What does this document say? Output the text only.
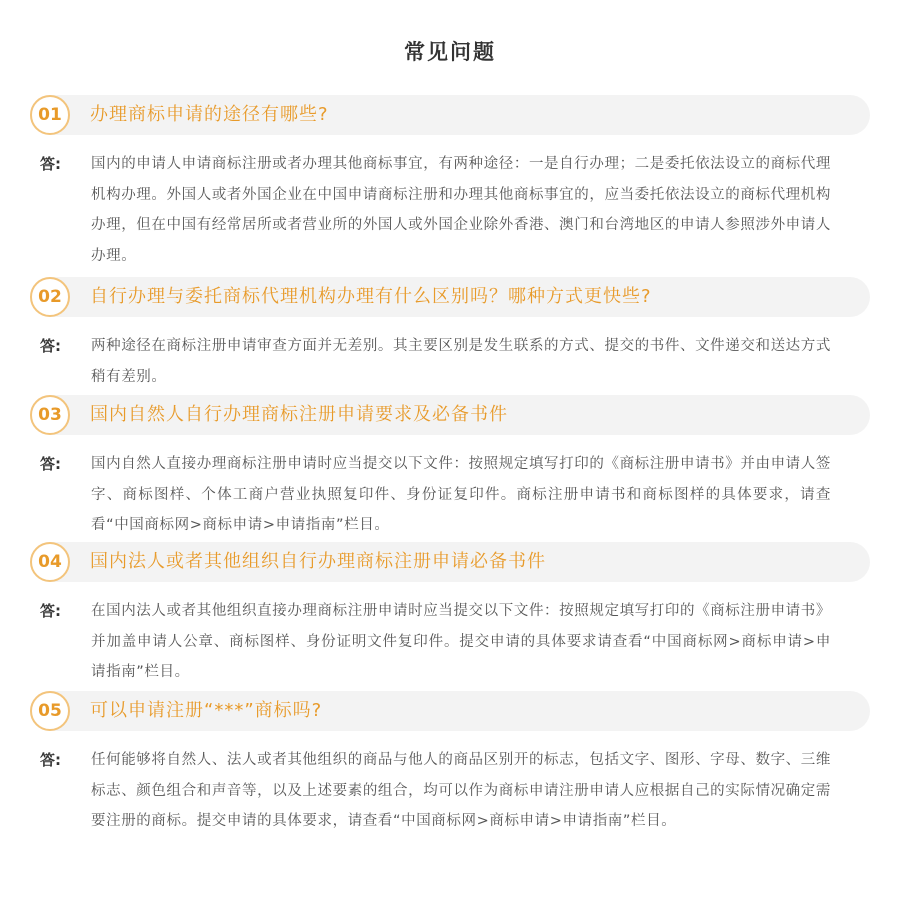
常见问题
01	办理商标申请的途径有哪些?
答: 国内的申请人申请商标注册或者办理其他商标事宜，有两种途径：一是自行办理；二是委托依法设立的商标代理机构办理。外国人或者外国企业在中国申请商标注册和办理其他商标事宜的，应当委托依法设立的商标代理机构办理，但在中国有经常居所或者营业所的外国人或外国企业除外香港、澳门和台湾地区的申请人参照涉外申请人办理。
02	自行办理与委托商标代理机构办理有什么区别吗？哪种方式更快些?
答: 两种途径在商标注册申请审查方面并无差别。其主要区别是发生联系的方式、提交的书件、文件递交和送达方式稍有差别。
03	国内自然人自行办理商标注册申请要求及必备书件
答: 国内自然人直接办理商标注册申请时应当提交以下文件：按照规定填写打印的《商标注册申请书》并由申请人签字、商标图样、个体工商户营业执照复印件、身份证复印件。商标注册申请书和商标图样的具体要求，请查看“中国商标网>商标申请>申请指南”栏目。
04	国内法人或者其他组织自行办理商标注册申请必备书件
答: 在国内法人或者其他组织直接办理商标注册申请时应当提交以下文件：按照规定填写打印的《商标注册申请书》并加盖申请人公章、商标图样、身份证明文件复印件。提交申请的具体要求请查看“中国商标网>商标申请>申请指南”栏目。
05	可以申请注册“***”商标吗?
答: 任何能够将自然人、法人或者其他组织的商品与他人的商品区别开的标志，包括文字、图形、字母、数字、三维标志、颜色组合和声音等，以及上述要素的组合，均可以作为商标申请注册申请人应根据自己的实际情况确定需要注册的商标。提交申请的具体要求，请查看“中国商标网>商标申请>申请指南”栏目。
